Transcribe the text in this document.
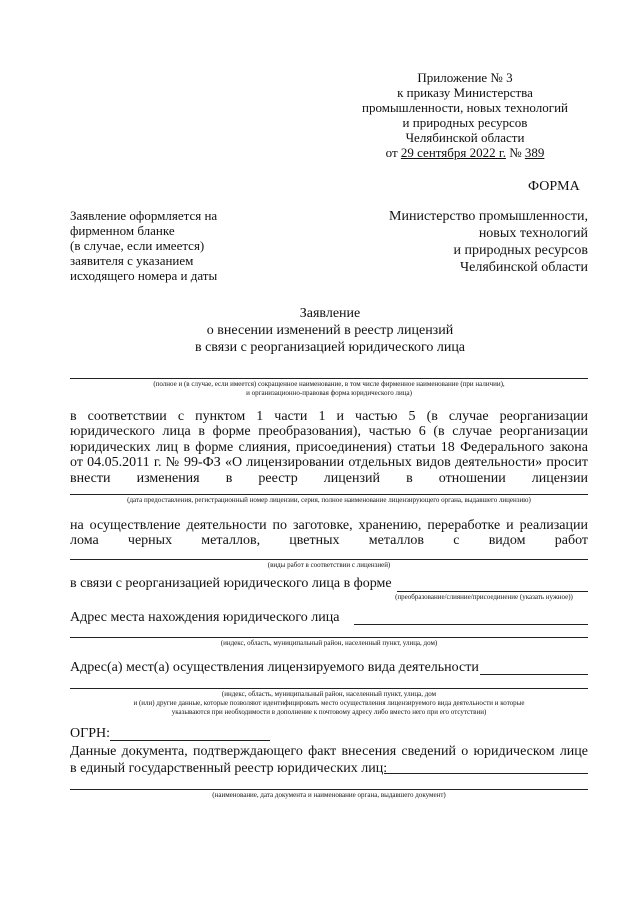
Приложение № 3
к приказу Министерства
промышленности, новых технологий
и природных ресурсов
Челябинской области
от 29 сентября 2022 г. № 389
ФОРМА
Заявление оформляется на
фирменном бланке
(в случае, если имеется)
заявителя с указанием
исходящего номера и даты
Министерство промышленности,
новых технологий
и природных ресурсов
Челябинской области
Заявление
о внесении изменений в реестр лицензий
в связи с реорганизацией юридического лица
(полное и (в случае, если имеется) сокращенное наименование, в том числе фирменное наименование (при наличии),
и организационно-правовая форма юридического лица)
в соответствии с пунктом 1 части 1 и частью 5 (в случае реорганизации
юридического лица в форме преобразования), частью 6 (в случае реорганизации
юридических лиц в форме слияния, присоединения) статьи 18 Федерального закона
от 04.05.2011 г. № 99-ФЗ «О лицензировании отдельных видов деятельности» просит
внести изменения в реестр лицензий в отношении лицензии
(дата предоставления, регистрационный номер лицензии, серия, полное наименование лицензирующего органа, выдавшего лицензию)
на осуществление деятельности по заготовке, хранению, переработке и реализации
лома черных металлов, цветных металлов с видом работ
(виды работ в соответствии с лицензией)
в связи с реорганизацией юридического лица в форме
(преобразование/слияние/присоединение (указать нужное))
Адрес места нахождения юридического лица
(индекс, область, муниципальный район, населенный пункт, улица, дом)
Адрес(а) мест(а) осуществления лицензируемого вида деятельности
(индекс, область, муниципальный район, населенный пункт, улица, дом
и (или) другие данные, которые позволяют идентифицировать место осуществления лицензируемого вида деятельности и которые
указываются при необходимости в дополнение к почтовому адресу либо вместо него при его отсутствии)
ОГРН:
Данные документа, подтверждающего факт внесения сведений о юридическом лице
в единый государственный реестр юридических лиц:
(наименование, дата документа и наименование органа, выдавшего документ)
